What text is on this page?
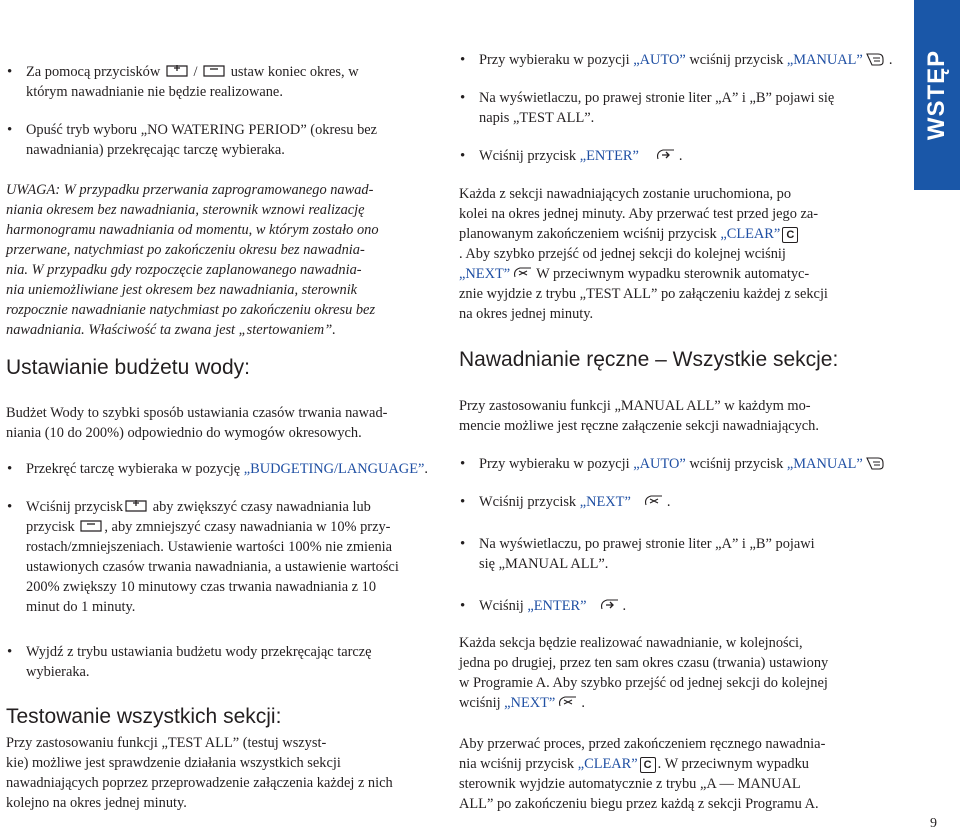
WSTĘP
• Za pomocą przycisków / ustaw koniec okres, w
którym nawadnianie nie będzie realizowane.
• Opuść tryb wyboru „NO WATERING PERIOD” (okresu bez
nawadniania) przekręcając tarczę wybieraka.
UWAGA: W przypadku przerwania zaprogramowanego nawad-
niania okresem bez nawadniania, sterownik wznowi realizację
harmonogramu nawadniania od momentu, w którym zostało ono
przerwane, natychmiast po zakończeniu okresu bez nawadnia-
nia. W przypadku gdy rozpoczęcie zaplanowanego nawadnia-
nia uniemożliwiane jest okresem bez nawadniania, sterownik
rozpocznie nawadnianie natychmiast po zakończeniu okresu bez
nawadniania. Właściwość ta zwana jest „stertowaniem”.
Ustawianie budżetu wody:
Budżet Wody to szybki sposób ustawiania czasów trwania nawad-
niania (10 do 200%) odpowiednio do wymogów okresowych.
• Przekręć tarczę wybieraka w pozycję „BUDGETING/LANGUAGE”.
• Wciśnij przycisk
aby zwiększyć czasy nawadniania lub
przycisk
, aby zmniejszyć czasy nawadniania w 10% przy-
rostach/zmniejszeniach. Ustawienie wartości 100% nie zmienia
ustawionych czasów trwania nawadniania, a ustawienie wartości
200% zwiększy 10 minutowy czas trwania nawadniania z 10
minut do 1 minuty.
• Wyjdź z trybu ustawiania budżetu wody przekręcając tarczę
wybieraka.
Testowanie wszystkich sekcji:
Przy zastosowaniu funkcji „TEST ALL” (testuj wszyst-
kie) możliwe jest sprawdzenie działania wszystkich sekcji
nawadniających poprzez przeprowadzenie załączenia każdej z nich
kolejno na okres jednej minuty.
• Przy wybieraku w pozycji „AUTO” wciśnij przycisk „MANUAL” .
• Na wyświetlaczu, po prawej stronie liter „A” i „B” pojawi się
napis „TEST ALL”.
• Wciśnij przycisk „ENTER”	.
Każda z sekcji nawadniających zostanie uruchomiona, po
kolei na okres jednej minuty. Aby przerwać test przed jego za-
planowanym zakończeniem wciśnij przycisk „CLEAR” C
. Aby szybko przejść od jednej sekcji do kolejnej wciśnij
„NEXT” W przeciwnym wypadku sterownik automatyc-
znie wyjdzie z trybu „TEST ALL” po załączeniu każdej z sekcji
na okres jednej minuty.
Nawadnianie ręczne – Wszystkie sekcje:
Przy zastosowaniu funkcji „MANUAL ALL” w każdym mo-
mencie możliwe jest ręczne załączenie sekcji nawadniających.
• Przy wybieraku w pozycji „AUTO” wciśnij przycisk „MANUAL”
• Wciśnij przycisk „NEXT”	.
• Na wyświetlaczu, po prawej stronie liter „A” i „B” pojawi
się „MANUAL ALL”.
• Wciśnij „ENTER”	.
Każda sekcja będzie realizować nawadnianie, w kolejności,
jedna po drugiej, przez ten sam okres czasu (trwania) ustawiony
w Programie A. Aby szybko przejść od jednej sekcji do kolejnej
wciśnij „NEXT” .
Aby przerwać proces, przed zakończeniem ręcznego nawadnia-
nia wciśnij przycisk „CLEAR” C . W przeciwnym wypadku
sterownik wyjdzie automatycznie z trybu „A — MANUAL
ALL” po zakończeniu biegu przez każdą z sekcji Programu A.
9
